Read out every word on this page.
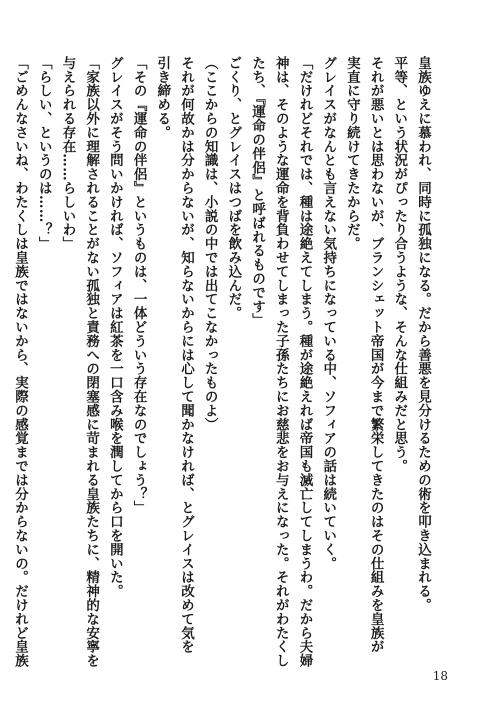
皇族ゆえに慕われ、同時に孤独になる。だから善悪を見分けるための術を叩き込まれる。
平等、という状況がぴったり合うような、そんな仕組みだと思う。
それが悪いとは思わないが、ブランシェット帝国が今まで繁栄してきたのはその仕組みを皇族が
実直に守り続けてきたからだ。
グレイスがなんとも言えない気持ちになっている中、ソフィアの話は続いていく。
「だけれどそれでは、種は途絶えてしまう。種が途絶えれば帝国も滅亡してしまうわ。だから夫婦
神は、そのような運命を背負わせてしまった子孫たちにお慈悲をお与えになった。それがわたくし
たち、『運命の伴侶』と呼ばれるものです」
ごくり、とグレイスはつばを飲み込んだ。
（ここからの知識は、小説の中では出てこなかったものよ）
それが何故かは分からないが、知らないからには心して聞かなければ、とグレイスは改めて気を
引き締める。
「その『運命の伴侶』というものは、一体どういう存在なのでしょう？」
グレイスがそう問いかければ、ソフィアは紅茶を一口含み喉を潤してから口を開いた。
「家族以外に理解されることがない孤独と責務への閉塞感に苛まれる皇族たちに、精神的な安寧を
与えられる存在……らしいわ」
「らしい、というのは……？」
「ごめんなさいね、わたくしは皇族ではないから、実際の感覚までは分からないの。だけれど皇族
18
